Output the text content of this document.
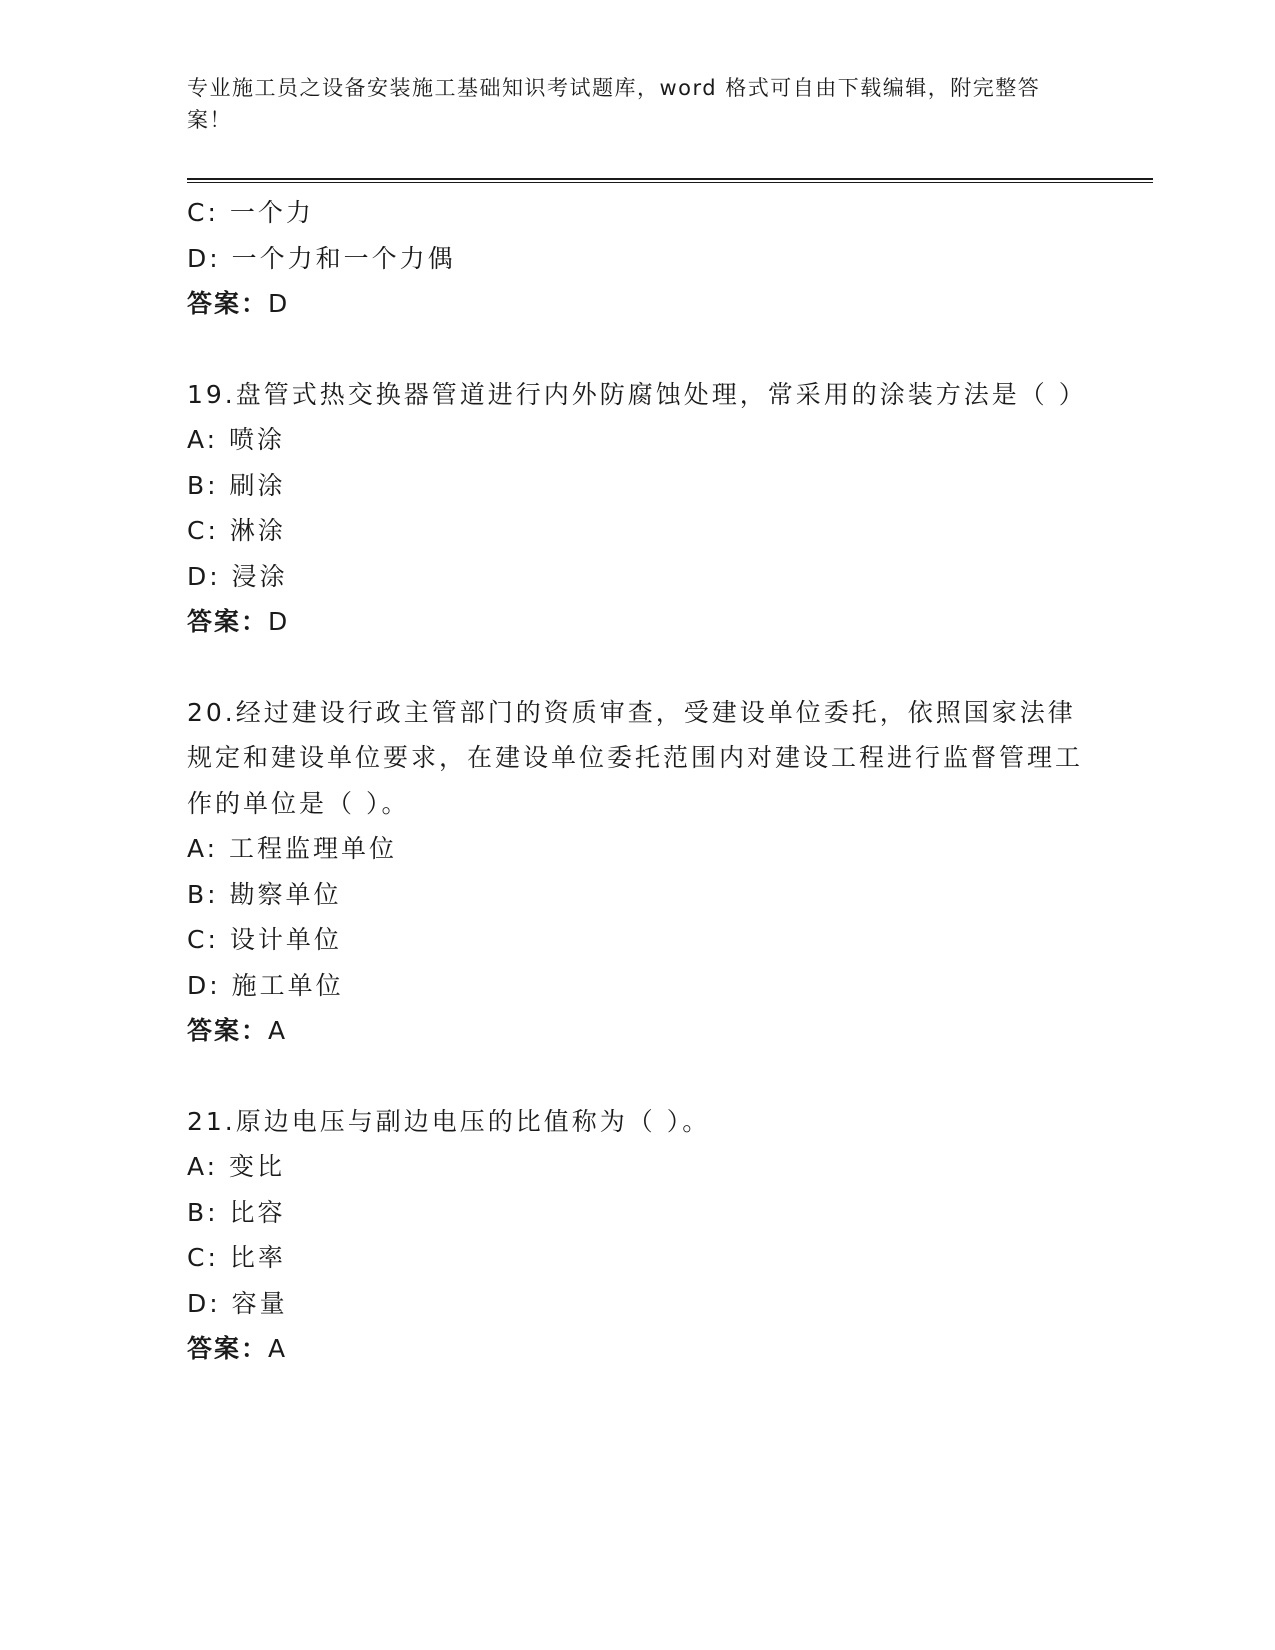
专业施工员之设备安装施工基础知识考试题库，word 格式可自由下载编辑，附完整答案！
C: 一个力
D: 一个力和一个力偶
答案：D
19.盘管式热交换器管道进行内外防腐蚀处理，常采用的涂装方法是（ ）
A: 喷涂
B: 刷涂
C: 淋涂
D: 浸涂
答案：D
20.经过建设行政主管部门的资质审查，受建设单位委托，依照国家法律规定和建设单位要求，在建设单位委托范围内对建设工程进行监督管理工作的单位是（ ）。
A: 工程监理单位
B: 勘察单位
C: 设计单位
D: 施工单位
答案：A
21.原边电压与副边电压的比值称为（ ）。
A: 变比
B: 比容
C: 比率
D: 容量
答案：A
